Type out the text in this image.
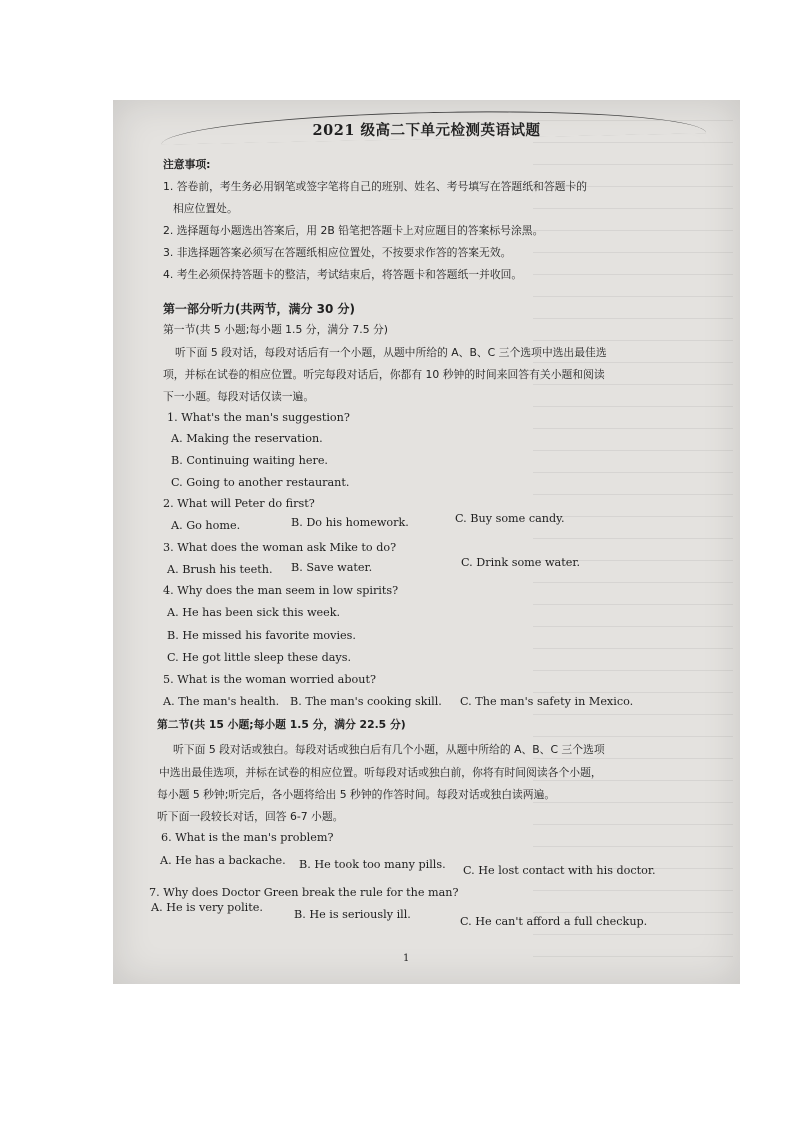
2021 级高二下单元检测英语试题
注意事项:
1. 答卷前，考生务必用钢笔或签字笔将自己的班别、姓名、考号填写在答题纸和答题卡的
相应位置处。
2. 选择题每小题选出答案后，用 2B 铅笔把答题卡上对应题目的答案标号涂黑。
3. 非选择题答案必须写在答题纸相应位置处，不按要求作答的答案无效。
4. 考生必须保持答题卡的整洁，考试结束后，将答题卡和答题纸一并收回。
第一部分听力(共两节，满分 30 分)
第一节(共 5 小题;每小题 1.5 分，满分 7.5 分)
听下面 5 段对话，每段对话后有一个小题，从题中所给的 A、B、C 三个选项中选出最佳选
项，并标在试卷的相应位置。听完每段对话后，你都有 10 秒钟的时间来回答有关小题和阅读
下一小题。每段对话仅读一遍。
1. What's the man's suggestion?
A. Making the reservation.
B. Continuing waiting here.
C. Going to another restaurant.
2. What will Peter do first?
A. Go home.	B. Do his homework.	C. Buy some candy.
3. What does the woman ask Mike to do?
A. Brush his teeth. B. Save water.	C. Drink some water.
4. Why does the man seem in low spirits?
A. He has been sick this week.
B. He missed his favorite movies.
C. He got little sleep these days.
5. What is the woman worried about?
A. The man's health. B. The man's cooking skill. C. The man's safety in Mexico.
第二节(共 15 小题;每小题 1.5 分，满分 22.5 分)
听下面 5 段对话或独白。每段对话或独白后有几个小题，从题中所给的 A、B、C 三个选项
中选出最佳选项，并标在试卷的相应位置。听每段对话或独白前，你将有时间阅读各个小题，
每小题 5 秒钟;听完后，各小题将给出 5 秒钟的作答时间。每段对话或独白读两遍。
听下面一段较长对话，回答 6-7 小题。
6. What is the man's problem?
A. He has a backache. B. He took too many pills. C. He lost contact with his doctor.
7. Why does Doctor Green break the rule for the man?
A. He is very polite.
B. He is seriously ill.
C. He can't afford a full checkup.
1
